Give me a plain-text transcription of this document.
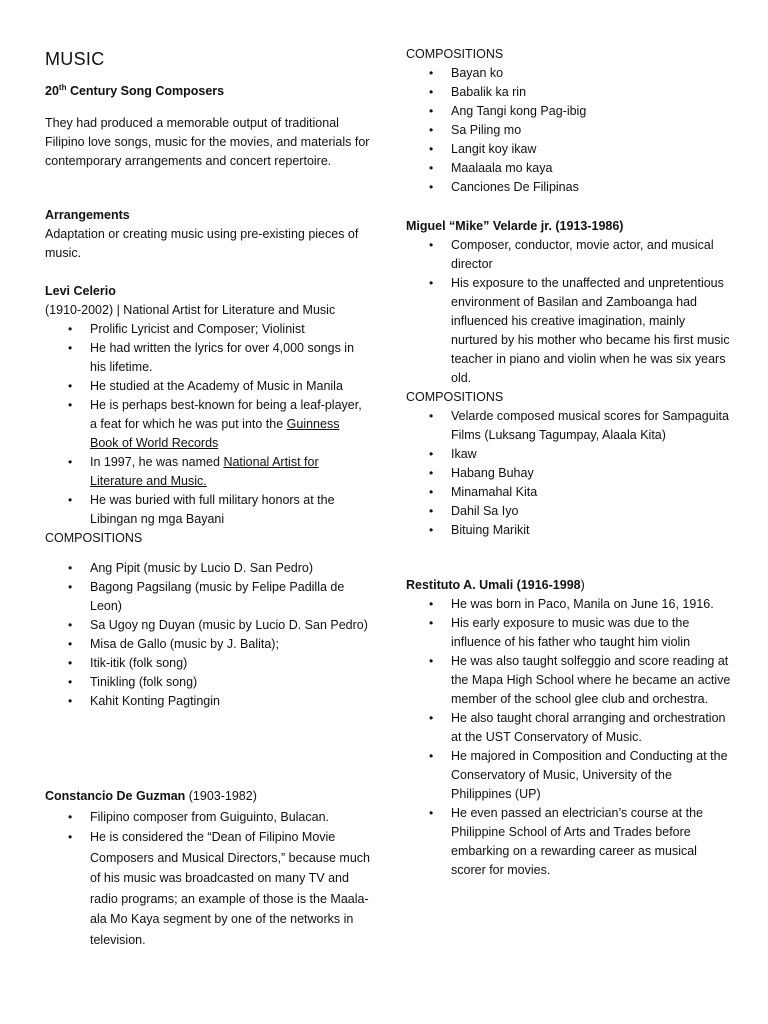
MUSIC
20th Century Song Composers

They had produced a memorable output of traditional Filipino love songs, music for the movies, and materials for contemporary arrangements and concert repertoire.

Arrangements

Adaptation or creating music using pre-existing pieces of music.

Levi Celerio

(1910-2002) | National Artist for Literature and Music

• Prolific Lyricist and Composer; Violinist
• He had written the lyrics for over 4,000 songs in his lifetime.
• He studied at the Academy of Music in Manila
• He is perhaps best-known for being a leaf-player, a feat for which he was put into the Guinness Book of World Records
• In 1997, he was named National Artist for Literature and Music.
• He was buried with full military honors at the Libingan ng mga Bayani
COMPOSITIONS
• Ang Pipit (music by Lucio D. San Pedro)
• Bagong Pagsilang (music by Felipe Padilla de Leon)
• Sa Ugoy ng Duyan (music by Lucio D. San Pedro)
• Misa de Gallo (music by J. Balita);
• Itik-itik (folk song)
• Tinikling (folk song)
• Kahit Konting Pagtingin
Constancio De Guzman (1903-1982)
• Filipino composer from Guiguinto, Bulacan.
• He is considered the “Dean of Filipino Movie Composers and Musical Directors,” because much of his music was broadcasted on many TV and radio programs; an example of those is the Maala-ala Mo Kaya segment by one of the networks in television.
COMPOSITIONS
• Bayan ko
• Babalik ka rin
• Ang Tangi kong Pag-ibig
• Sa Piling mo
• Langit koy ikaw
• Maalaala mo kaya
• Canciones De Filipinas
Miguel “Mike” Velarde jr. (1913-1986)
• Composer, conductor, movie actor, and musical director
• His exposure to the unaffected and unpretentious environment of Basilan and Zamboanga had influenced his creative imagination, mainly nurtured by his mother who became his first music teacher in piano and violin when he was six years old.
COMPOSITIONS
• Velarde composed musical scores for Sampaguita Films (Luksang Tagumpay, Alaala Kita)
• Ikaw
• Habang Buhay
• Minamahal Kita
• Dahil Sa Iyo
• Bituing Marikit
Restituto A. Umali (1916-1998)
• He was born in Paco, Manila on June 16, 1916.
• His early exposure to music was due to the influence of his father who taught him violin
• He was also taught solfeggio and score reading at the Mapa High School where he became an active member of the school glee club and orchestra.
• He also taught choral arranging and orchestration at the UST Conservatory of Music.
• He majored in Composition and Conducting at the Conservatory of Music, University of the Philippines (UP)
• He even passed an electrician’s course at the Philippine School of Arts and Trades before embarking on a rewarding career as musical scorer for movies.
